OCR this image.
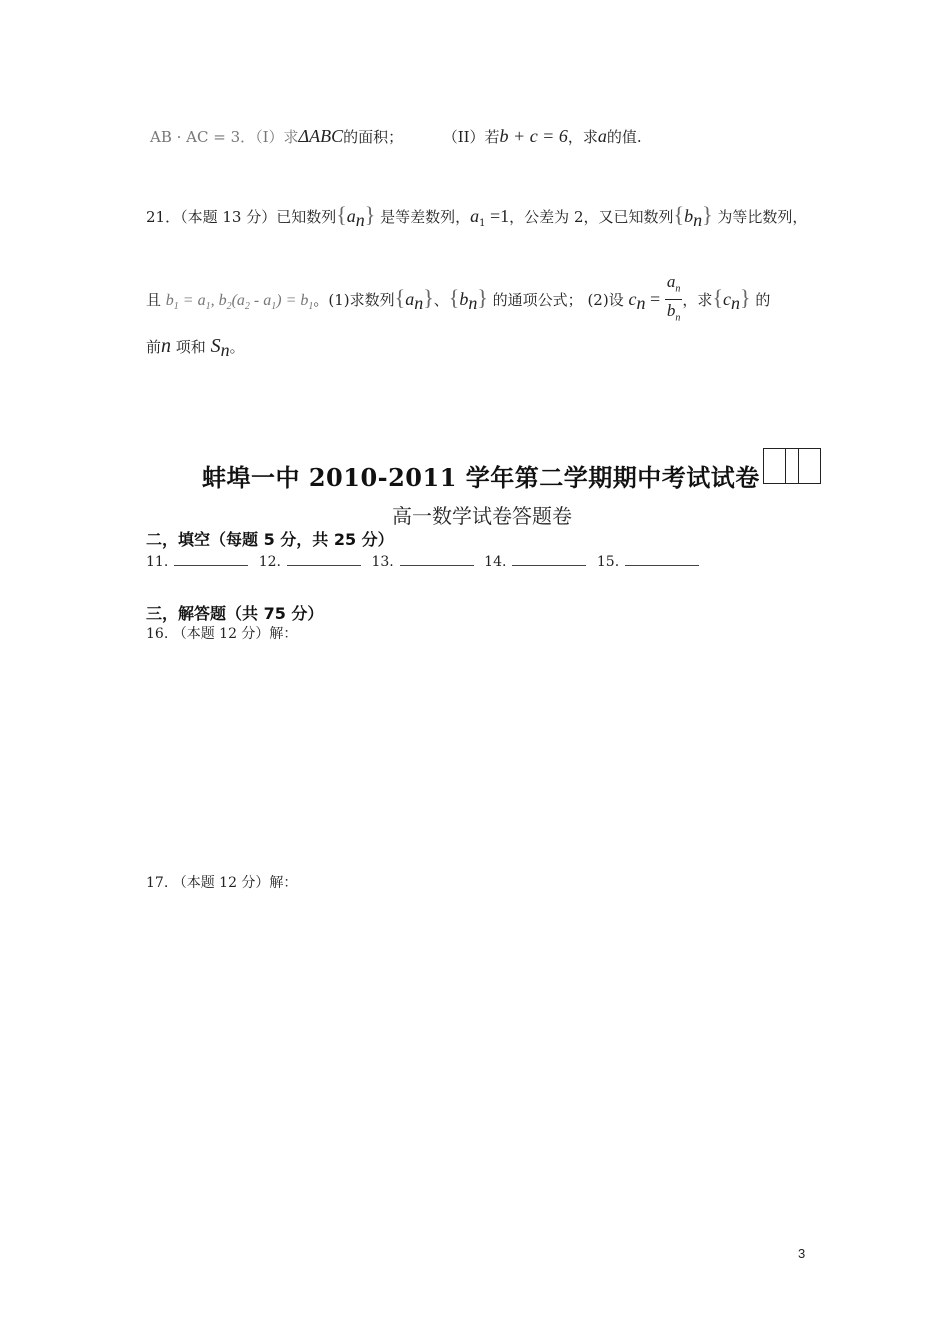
AB · AC = 3．（I）求ΔABC的面积；	（II）若b + c = 6，求a的值.
21．（本题 13 分）已知数列$\{a_n\}$ 是等差数列，$a_1 =1$，公差为 2，又已知数列$\{b_n\}$ 为等比数列，
且 $b_1 = a_1$, $b_2(a_2 - a_1) = b_1$。(1)求数列$\{a_n\}$、$\{b_n\}$ 的通项公式； (2)设 $c_n = \frac{a_n}{b_n}$ ，求$\{c_n\}$ 的
前n 项和 $S_n$。
蚌埠一中 2010-2011 学年第二学期期中考试试卷
高一数学试卷答题卷
二，填空（每题 5 分，共 25 分）
11.	12.	13.	14.	15.
三，解答题（共 75 分）
16. （本题 12 分）解：
17. （本题 12 分）解：
3
